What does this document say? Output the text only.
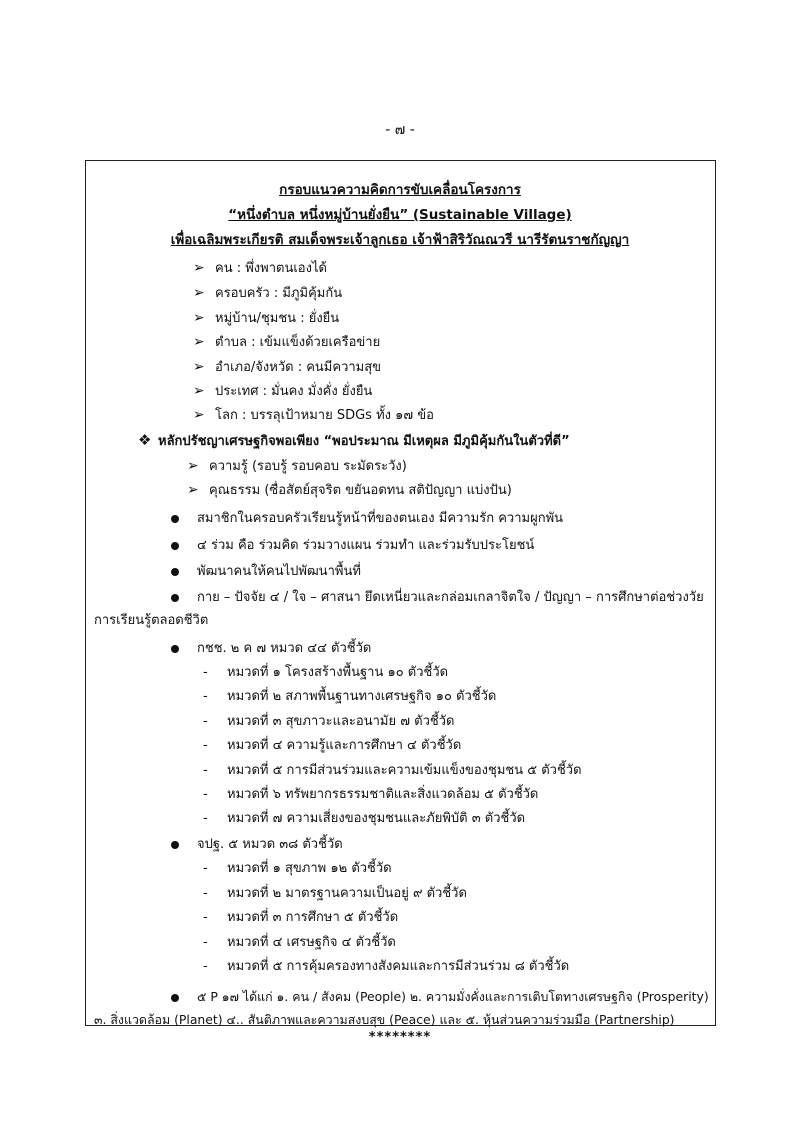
- ๗ -
กรอบแนวความคิดการขับเคลื่อนโครงการ
“หนึ่งตำบล หนึ่งหมู่บ้านยั่งยืน” (Sustainable Village)
เพื่อเฉลิมพระเกียรติ สมเด็จพระเจ้าลูกเธอ เจ้าฟ้าสิริวัณณวรี นารีรัตนราชกัญญา
➢ คน : พึ่งพาตนเองได้
➢ ครอบครัว : มีภูมิคุ้มกัน
➢ หมู่บ้าน/ชุมชน : ยั่งยืน
➢ ตำบล : เข้มแข็งด้วยเครือข่าย
➢ อำเภอ/จังหวัด : คนมีความสุข
➢ ประเทศ : มั่นคง มั่งคั่ง ยั่งยืน
➢ โลก : บรรลุเป้าหมาย SDGs ทั้ง ๑๗ ข้อ
❖ หลักปรัชญาเศรษฐกิจพอเพียง “พอประมาณ มีเหตุผล มีภูมิคุ้มกันในตัวที่ดี”
➢ ความรู้ (รอบรู้ รอบคอบ ระมัดระวัง)
➢ คุณธรรม (ซื่อสัตย์สุจริต ขยันอดทน สติปัญญา แบ่งปัน)
สมาชิกในครอบครัวเรียนรู้หน้าที่ของตนเอง มีความรัก ความผูกพัน
๔ ร่วม คือ ร่วมคิด ร่วมวางแผน ร่วมทำ และร่วมรับประโยชน์
พัฒนาคนให้คนไปพัฒนาพื้นที่
กาย – ปัจจัย ๔ / ใจ – ศาสนา ยึดเหนี่ยวและกล่อมเกลาจิตใจ / ปัญญา – การศึกษาต่อช่วงวัย
การเรียนรู้ตลอดชีวิต
กชช. ๒ ค ๗ หมวด ๔๔ ตัวชี้วัด
- หมวดที่ ๑ โครงสร้างพื้นฐาน ๑๐ ตัวชี้วัด
- หมวดที่ ๒ สภาพพื้นฐานทางเศรษฐกิจ ๑๐ ตัวชี้วัด
- หมวดที่ ๓ สุขภาวะและอนามัย ๗ ตัวชี้วัด
- หมวดที่ ๔ ความรู้และการศึกษา ๔ ตัวชี้วัด
- หมวดที่ ๕ การมีส่วนร่วมและความเข้มแข็งของชุมชน ๕ ตัวชี้วัด
- หมวดที่ ๖ ทรัพยากรธรรมชาติและสิ่งแวดล้อม ๕ ตัวชี้วัด
- หมวดที่ ๗ ความเสี่ยงของชุมชนและภัยพิบัติ ๓ ตัวชี้วัด
จปฐ. ๕ หมวด ๓๘ ตัวชี้วัด
- หมวดที่ ๑ สุขภาพ ๑๒ ตัวชี้วัด
- หมวดที่ ๒ มาตรฐานความเป็นอยู่ ๙ ตัวชี้วัด
- หมวดที่ ๓ การศึกษา ๕ ตัวชี้วัด
- หมวดที่ ๔ เศรษฐกิจ ๔ ตัวชี้วัด
- หมวดที่ ๕ การคุ้มครองทางสังคมและการมีส่วนร่วม ๘ ตัวชี้วัด
๕ P ๑๗ ได้แก่ ๑. คน / สังคม (People) ๒. ความมั่งคั่งและการเติบโตทางเศรษฐกิจ (Prosperity)
๓. สิ่งแวดล้อม (Planet) ๔.. สันติภาพและความสงบสุข (Peace) และ ๕. หุ้นส่วนความร่วมมือ (Partnership)
********
